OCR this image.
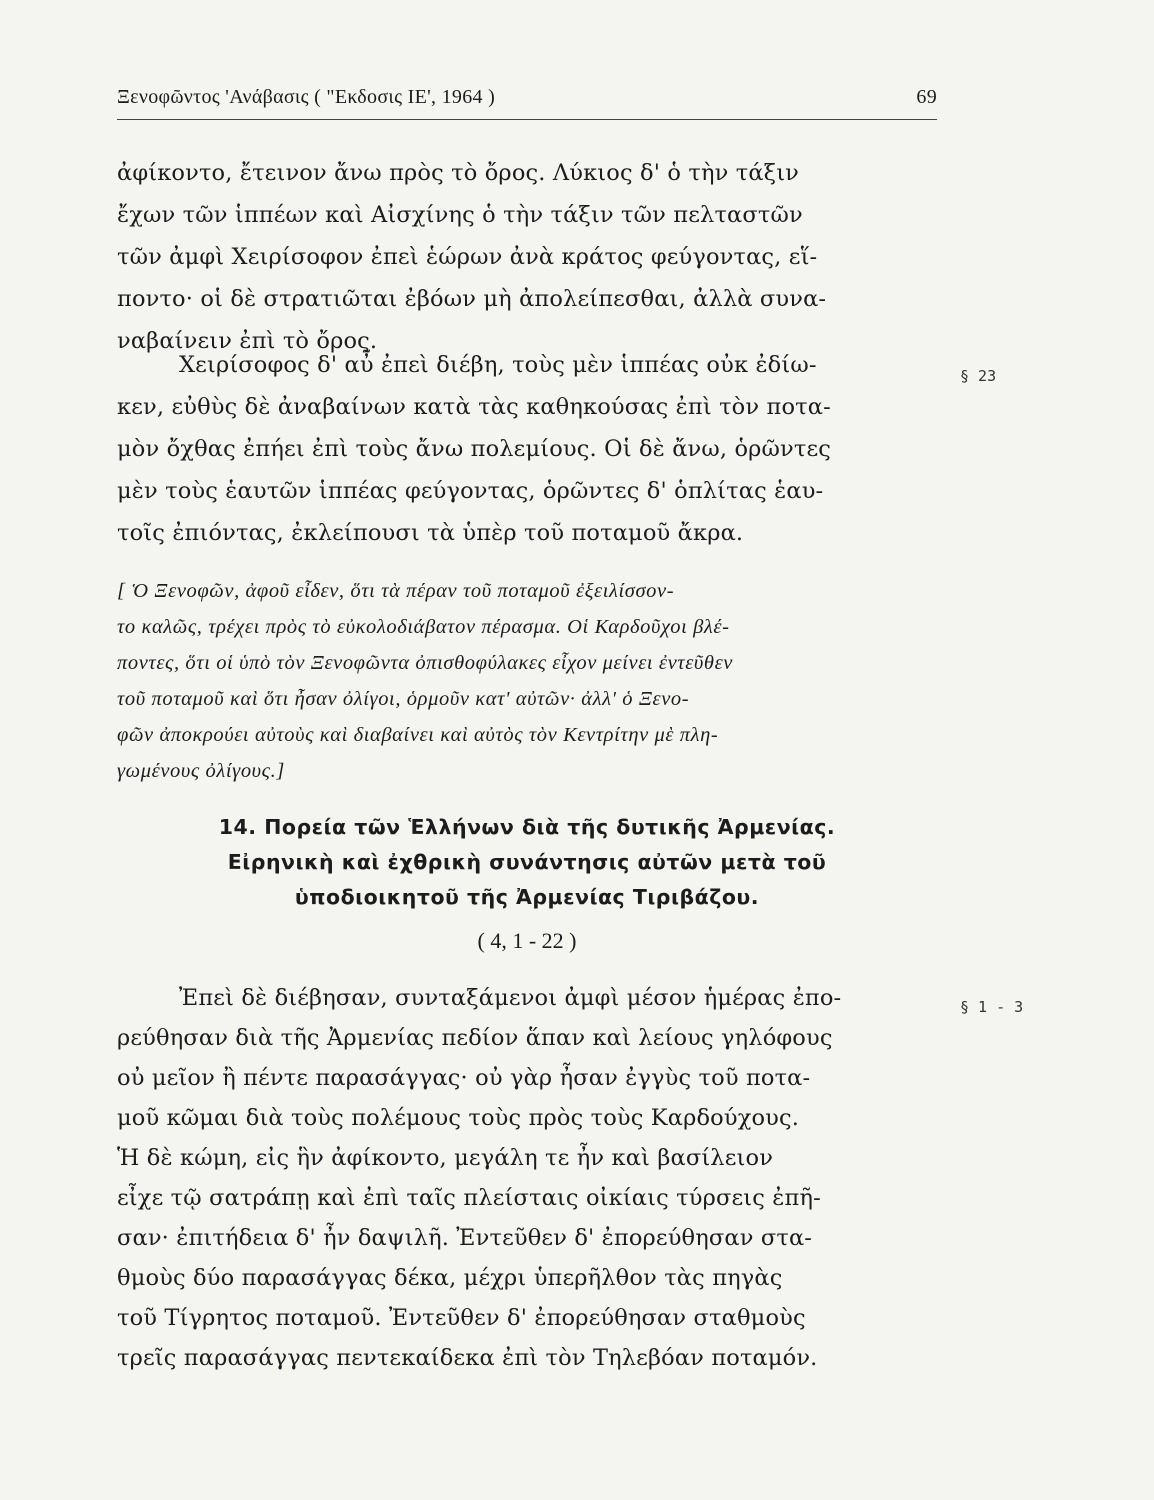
Ξενοφῶντος 'Ανάβασις ( "Εκδοσις ΙΕ', 1964 )	69
ἀφίκοντο, ἔτεινον ἄνω πρὸς τὸ ὄρος. Λύκιος δ' ὁ τὴν τάξιν
ἔχων τῶν ἱππέων καὶ Αἰσχίνης ὁ τὴν τάξιν τῶν πελταστῶν
τῶν ἀμφὶ Χειρίσοφον ἐπεὶ ἑώρων ἀνὰ κράτος φεύγοντας, εἵ-
ποντο· οἱ δὲ στρατιῶται ἐβόων μὴ ἀπολείπεσθαι, ἀλλὰ συνα-
ναβαίνειν ἐπὶ τὸ ὄρος.
Χειρίσοφος δ' αὖ ἐπεὶ διέβη, τοὺς μὲν ἱππέας οὐκ ἐδίω-
κεν, εὐθὺς δὲ ἀναβαίνων κατὰ τὰς καθηκούσας ἐπὶ τὸν ποτα-
μὸν ὄχθας ἐπήει ἐπὶ τοὺς ἄνω πολεμίους. Οἱ δὲ ἄνω, ὁρῶντες
μὲν τοὺς ἑαυτῶν ἱππέας φεύγοντας, ὁρῶντες δ' ὁπλίτας ἑαυ-
τοῖς ἐπιόντας, ἐκλείπουσι τὰ ὑπὲρ τοῦ ποταμοῦ ἄκρα.
§ 23
[ Ὁ Ξενοφῶν, ἀφοῦ εἶδεν, ὅτι τὰ πέραν τοῦ ποταμοῦ ἐξειλίσσον-
το καλῶς, τρέχει πρὸς τὸ εὐκολοδιάβατον πέρασμα. Οἱ Καρδοῦχοι βλέ-
ποντες, ὅτι οἱ ὑπὸ τὸν Ξενοφῶντα ὀπισθοφύλακες εἶχον μείνει ἐντεῦθεν
τοῦ ποταμοῦ καὶ ὅτι ἦσαν ὀλίγοι, ὁρμοῦν κατ' αὐτῶν· ἀλλ' ὁ Ξενο-
φῶν ἀποκρούει αὐτοὺς καὶ διαβαίνει καὶ αὐτὸς τὸν Κεντρίτην μὲ πλη-
γωμένους ὀλίγους.]
14. Πορεία τῶν Ἑλλήνων διὰ τῆς δυτικῆς Ἀρμενίας.
Εἰρηνικὴ καὶ ἐχθρικὴ συνάντησις αὐτῶν μετὰ τοῦ
ὑποδιοικητοῦ τῆς Ἀρμενίας Τιριβάζου.
( 4, 1 - 22 )
Ἐπεὶ δὲ διέβησαν, συνταξάμενοι ἀμφὶ μέσον ἡμέρας ἐπο-
ρεύθησαν διὰ τῆς Ἀρμενίας πεδίον ἅπαν καὶ λείους γηλόφους
οὐ μεῖον ἢ πέντε παρασάγγας· οὐ γὰρ ἦσαν ἐγγὺς τοῦ ποτα-
μοῦ κῶμαι διὰ τοὺς πολέμους τοὺς πρὸς τοὺς Καρδούχους.
Ἡ δὲ κώμη, εἰς ἣν ἀφίκοντο, μεγάλη τε ἦν καὶ βασίλειον
εἶχε τῷ σατράπῃ καὶ ἐπὶ ταῖς πλείσταις οἰκίαις τύρσεις ἐπῆ-
σαν· ἐπιτήδεια δ' ἦν δαψιλῆ. Ἐντεῦθεν δ' ἐπορεύθησαν στα-
θμοὺς δύο παρασάγγας δέκα, μέχρι ὑπερῆλθον τὰς πηγὰς
τοῦ Τίγρητος ποταμοῦ. Ἐντεῦθεν δ' ἐπορεύθησαν σταθμοὺς
τρεῖς παρασάγγας πεντεκαίδεκα ἐπὶ τὸν Τηλεβόαν ποταμόν.
§ 1 - 3
